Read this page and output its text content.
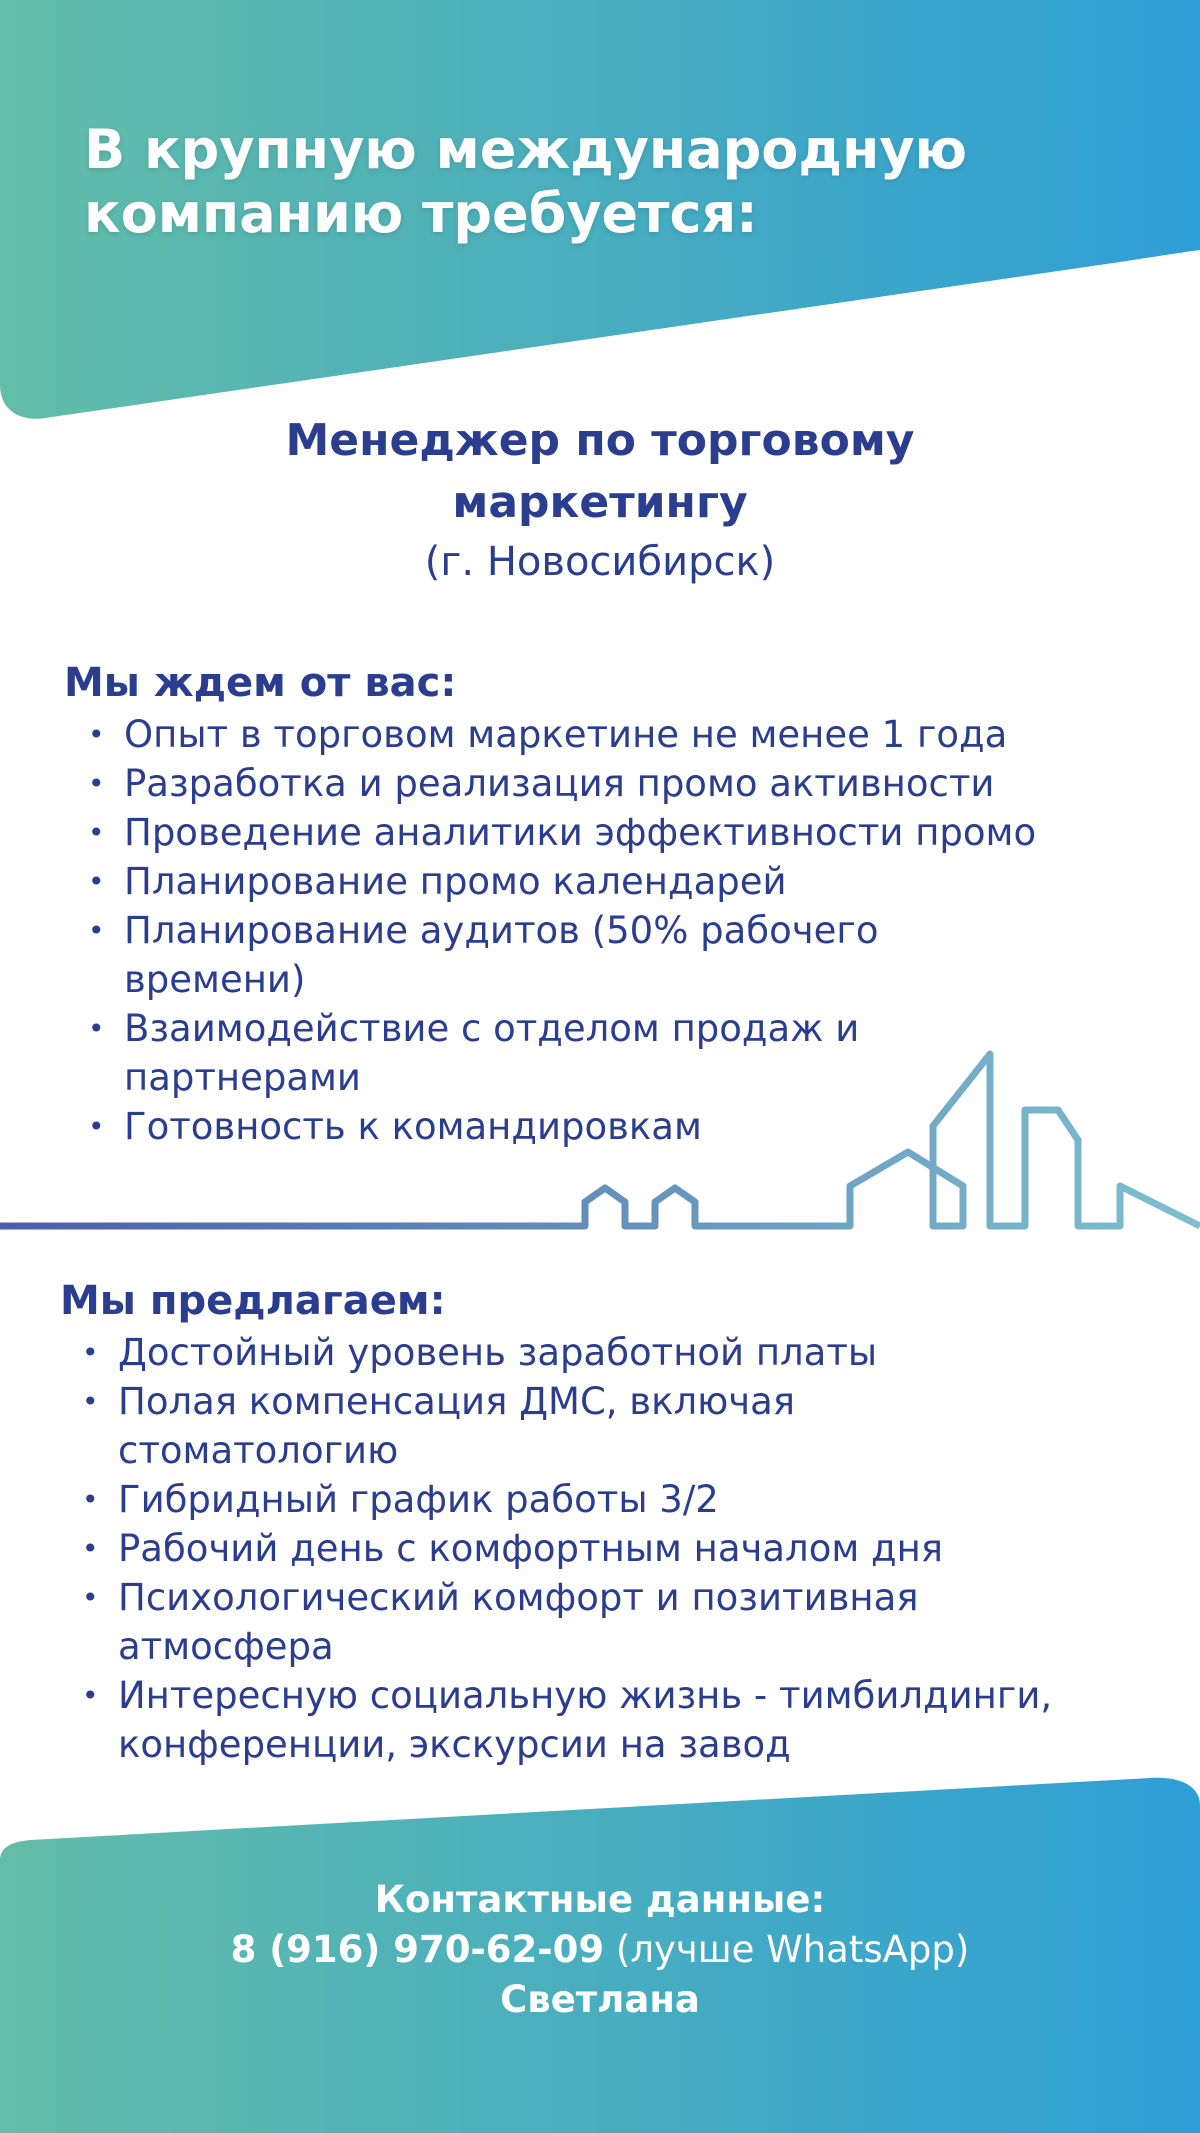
В крупную международную
компанию требуется:
Менеджер по торговому
маркетингу

(г. Новосибирск)

Мы ждем от вас:
• Опыт в торговом маркетине не менее 1 года
• Разработка и реализация промо активности
• Проведение аналитики эффективности промо
• Планирование промо календарей
• Планирование аудитов (50% рабочего времени)
• Взаимодействие с отделом продаж и партнерами
• Готовность к командировкам
Мы предлагаем:
• Достойный уровень заработной платы
• Полая компенсация ДМС, включая стоматологию
• Гибридный график работы 3/2
• Рабочий день с комфортным началом дня
• Психологический комфорт и позитивная атмосфера
• Интересную социальную жизнь - тимбилдинги, конференции, экскурсии на завод
Контактные данные:
8 (916) 970-62-09 (лучше WhatsApp)
Светлана
